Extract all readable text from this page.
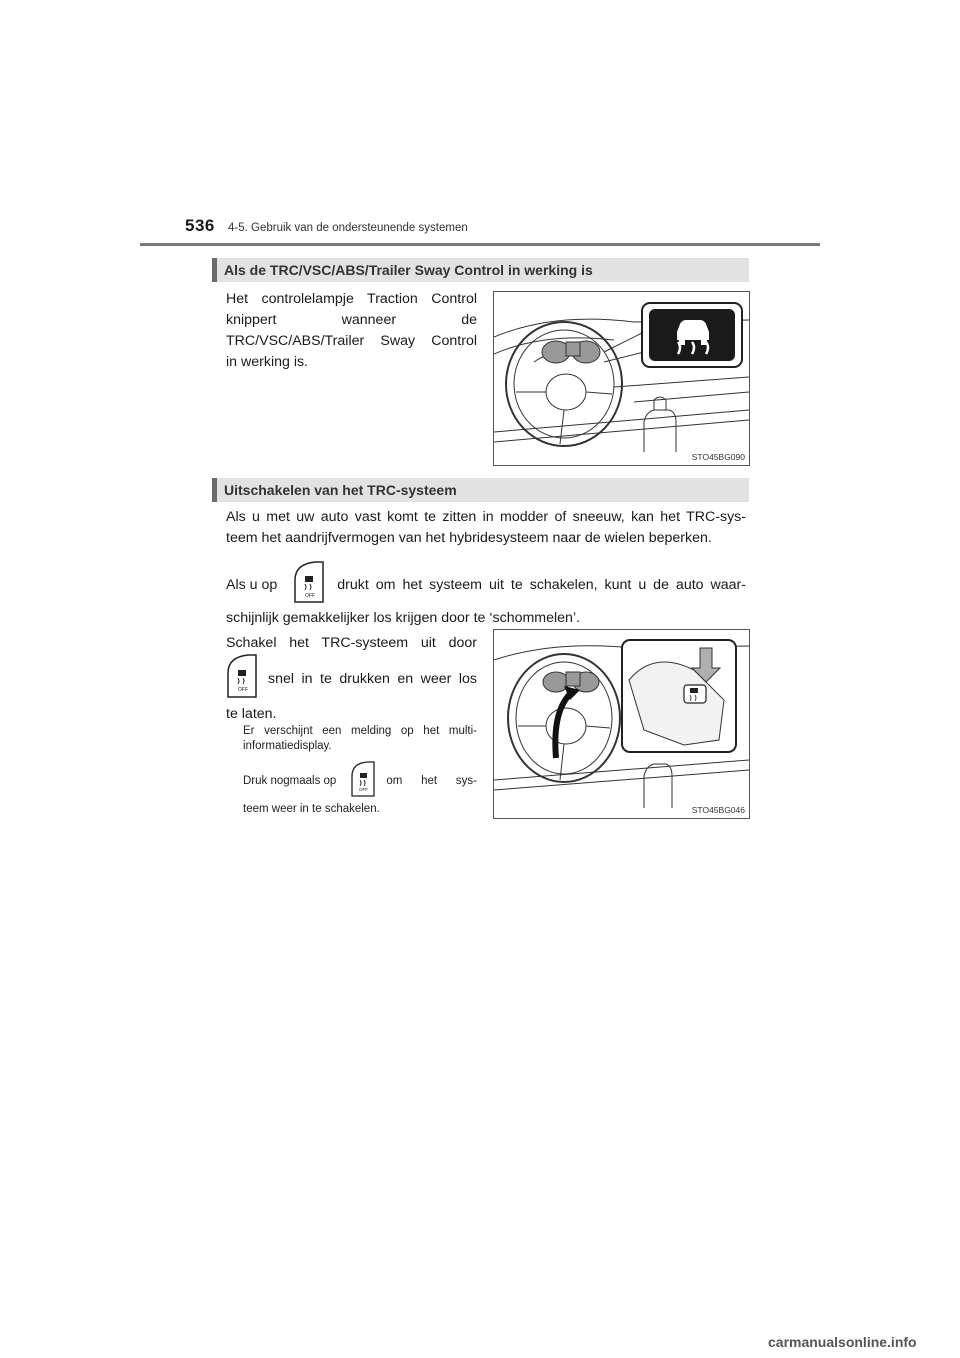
536 4-5. Gebruik van de ondersteunende systemen
Als de TRC/VSC/ABS/Trailer Sway Control in werking is
Het controlelampje Traction Control
knippert wanneer de
TRC/VSC/ABS/Trailer Sway Control
in werking is.
STO45BG090
Uitschakelen van het TRC-systeem
Als u met uw auto vast komt te zitten in modder of sneeuw, kan het TRC-sys-
teem het aandrijfvermogen van het hybridesysteem naar de wielen beperken.
Als u op
OFF
drukt om het systeem uit te schakelen, kunt u de auto waar-
schijnlijk gemakkelijker los krijgen door te ‘schommelen’.
Schakel het TRC-systeem uit door
OFF
snel in te drukken en weer los
te laten.
Er verschijnt een melding op het multi-
informatiedisplay.
Druk nogmaals op
OFF
om het sys-
teem weer in te schakelen.	STO45BG046
carmanualsonline.info
